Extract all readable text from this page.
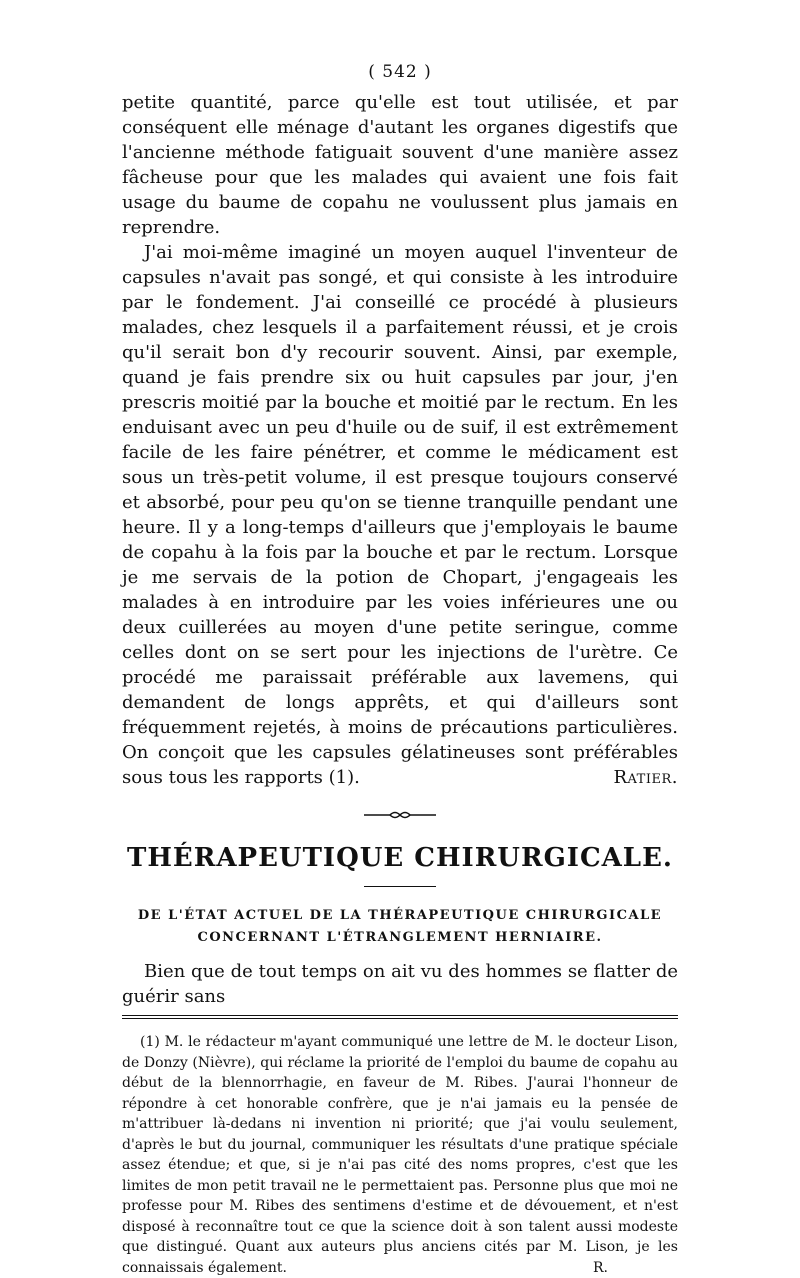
( 542 )

petite quantité, parce qu'elle est tout utilisée, et par conséquent elle ménage d'autant les organes digestifs que l'ancienne méthode fatiguait souvent d'une manière assez fâcheuse pour que les malades qui avaient une fois fait usage du baume de copahu ne voulussent plus jamais en reprendre.

J'ai moi-même imaginé un moyen auquel l'inventeur de capsules n'avait pas songé, et qui consiste à les introduire par le fondement. J'ai conseillé ce procédé à plusieurs malades, chez lesquels il a parfaitement réussi, et je crois qu'il serait bon d'y recourir souvent. Ainsi, par exemple, quand je fais prendre six ou huit capsules par jour, j'en prescris moitié par la bouche et moitié par le rectum. En les enduisant avec un peu d'huile ou de suif, il est extrêmement facile de les faire pénétrer, et comme le médicament est sous un très-petit volume, il est presque toujours conservé et absorbé, pour peu qu'on se tienne tranquille pendant une heure. Il y a long-temps d'ailleurs que j'employais le baume de copahu à la fois par la bouche et par le rectum. Lorsque je me servais de la potion de Chopart, j'engageais les malades à en introduire par les voies inférieures une ou deux cuillerées au moyen d'une petite seringue, comme celles dont on se sert pour les injections de l'urètre. Ce procédé me paraissait préférable aux lavemens, qui demandent de longs apprêts, et qui d'ailleurs sont fréquemment rejetés, à moins de précautions particulières. On conçoit que les capsules gélatineuses sont préférables sous tous les rapports (1).	Ratier.

THÉRAPEUTIQUE CHIRURGICALE.
DE L'ÉTAT ACTUEL DE LA THÉRAPEUTIQUE CHIRURGICALE
CONCERNANT L'ÉTRANGLEMENT HERNIAIRE.
Bien que de tout temps on ait vu des hommes se flatter de guérir sans

(1) M. le rédacteur m'ayant communiqué une lettre de M. le docteur Lison, de Donzy (Nièvre), qui réclame la priorité de l'emploi du baume de copahu au début de la blennorrhagie, en faveur de M. Ribes. J'aurai l'honneur de répondre à cet honorable confrère, que je n'ai jamais eu la pensée de m'attribuer là-dedans ni invention ni priorité; que j'ai voulu seulement, d'après le but du journal, communiquer les résultats d'une pratique spéciale assez étendue; et que, si je n'ai pas cité des noms propres, c'est que les limites de mon petit travail ne le permettaient pas. Personne plus que moi ne professe pour M. Ribes des sentimens d'estime et de dévouement, et n'est disposé à reconnaître tout ce que la science doit à son talent aussi modeste que distingué. Quant aux auteurs plus anciens cités par M. Lison, je les connaissais également.	R.
